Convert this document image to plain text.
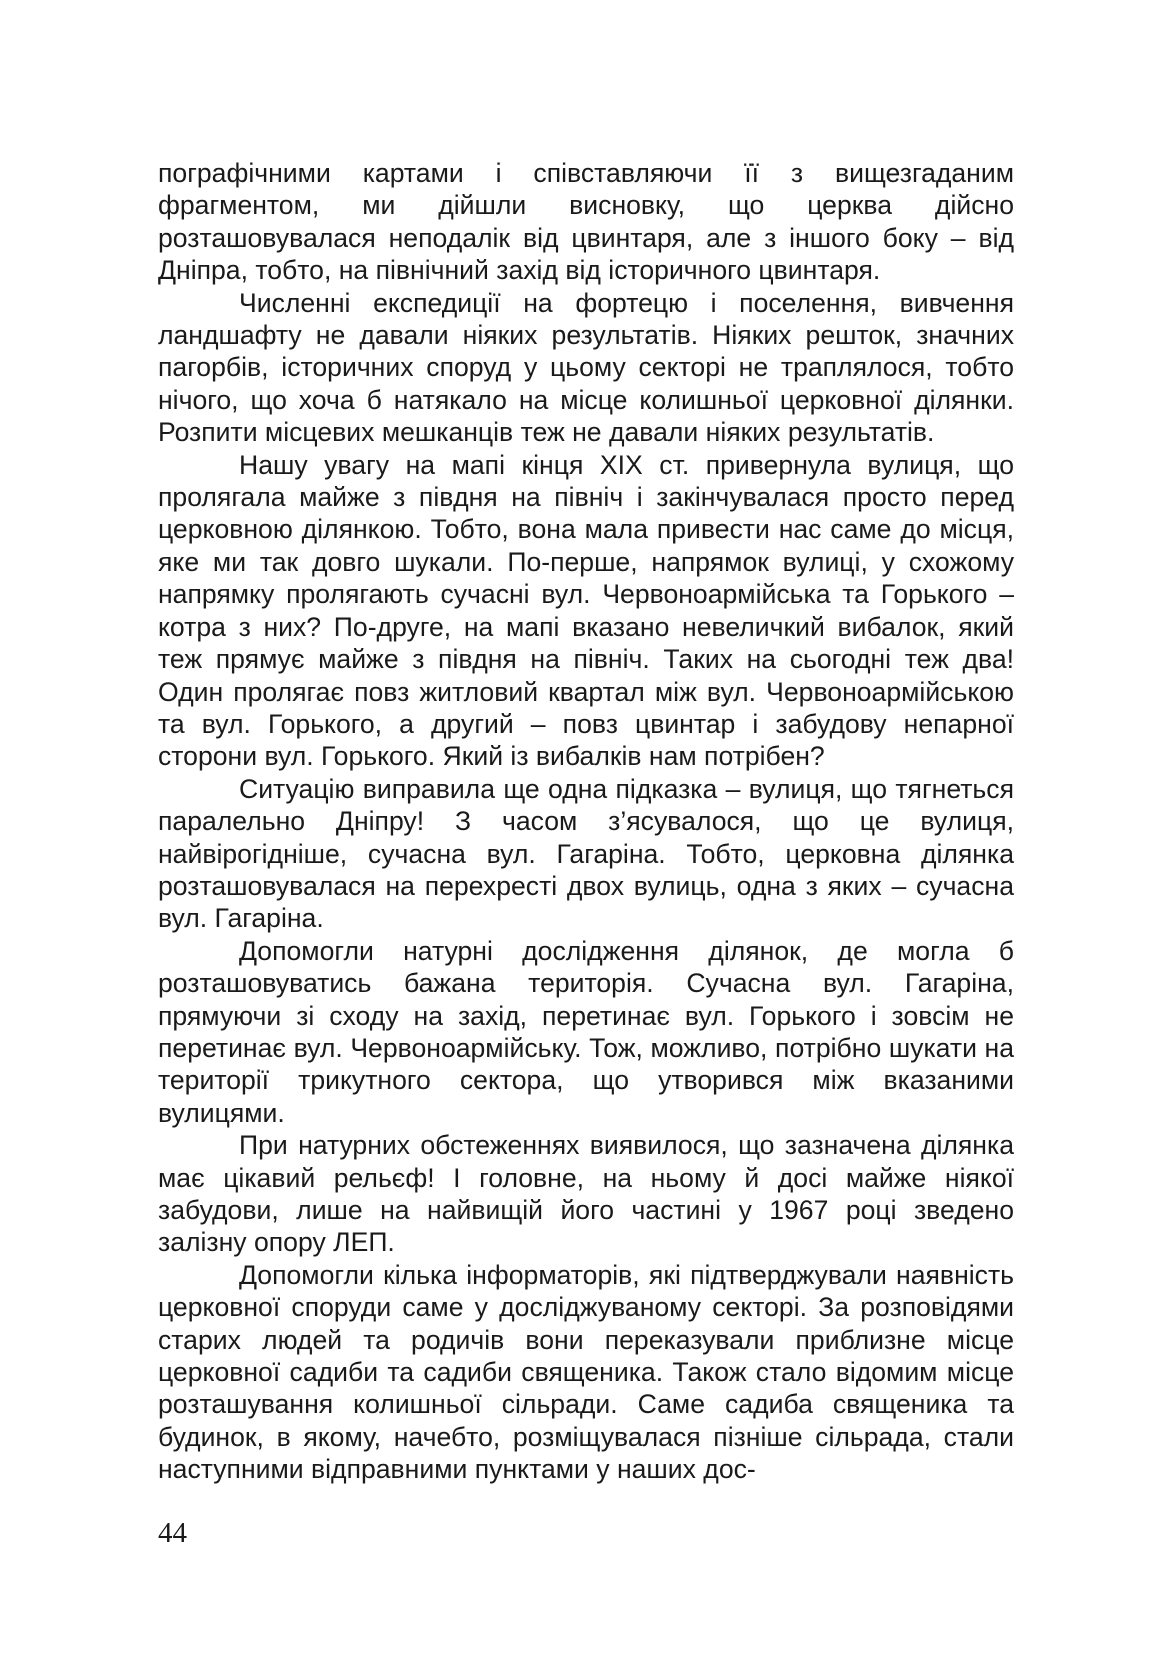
пографічними картами і співставляючи її з вищезгаданим фрагментом, ми дійшли висновку, що церква дійсно розташовувалася неподалік від цвинтаря, але з іншого боку – від Дніпра, тобто, на північний захід від історичного цвинтаря.

Численні експедиції на фортецю і поселення, вивчення ландшафту не давали ніяких результатів. Ніяких решток, значних пагорбів, історичних споруд у цьому секторі не траплялося, тобто нічого, що хоча б натякало на місце колишньої церковної ділянки. Розпити місцевих мешканців теж не давали ніяких результатів.

Нашу увагу на мапі кінця XIX ст. привернула вулиця, що пролягала майже з півдня на північ і закінчувалася просто перед церковною ділянкою. Тобто, вона мала привести нас саме до місця, яке ми так довго шукали. По-перше, напрямок вулиці, у схожому напрямку пролягають сучасні вул. Червоноармійська та Горького – котра з них? По-друге, на мапі вказано невеличкий вибалок, який теж прямує майже з півдня на північ. Таких на сьогодні теж два! Один пролягає повз житловий квартал між вул. Червоноармійською та вул. Горького, а другий – повз цвинтар і забудову непарної сторони вул. Горького. Який із вибалків нам потрібен?

Ситуацію виправила ще одна підказка – вулиця, що тягнеться паралельно Дніпру! З часом з’ясувалося, що це вулиця, найвірогідніше, сучасна вул. Гагаріна. Тобто, церковна ділянка розташовувалася на перехресті двох вулиць, одна з яких – сучасна вул. Гагаріна.

Допомогли натурні дослідження ділянок, де могла б розташовуватись бажана територія. Сучасна вул. Гагаріна, прямуючи зі сходу на захід, перетинає вул. Горького і зовсім не перетинає вул. Червоноармійську. Тож, можливо, потрібно шукати на території трикутного сектора, що утворився між вказаними вулицями.

При натурних обстеженнях виявилося, що зазначена ділянка має цікавий рельєф! І головне, на ньому й досі майже ніякої забудови, лише на найвищій його частині у 1967 році зведено залізну опору ЛЕП.

Допомогли кілька інформаторів, які підтверджували наявність церковної споруди саме у досліджуваному секторі. За розповідями старих людей та родичів вони переказували приблизне місце церковної садиби та садиби священика. Також стало відомим місце розташування колишньої сільради. Саме садиба священика та будинок, в якому, начебто, розміщувалася пізніше сільрада, стали наступними відправними пунктами у наших дос-

44
